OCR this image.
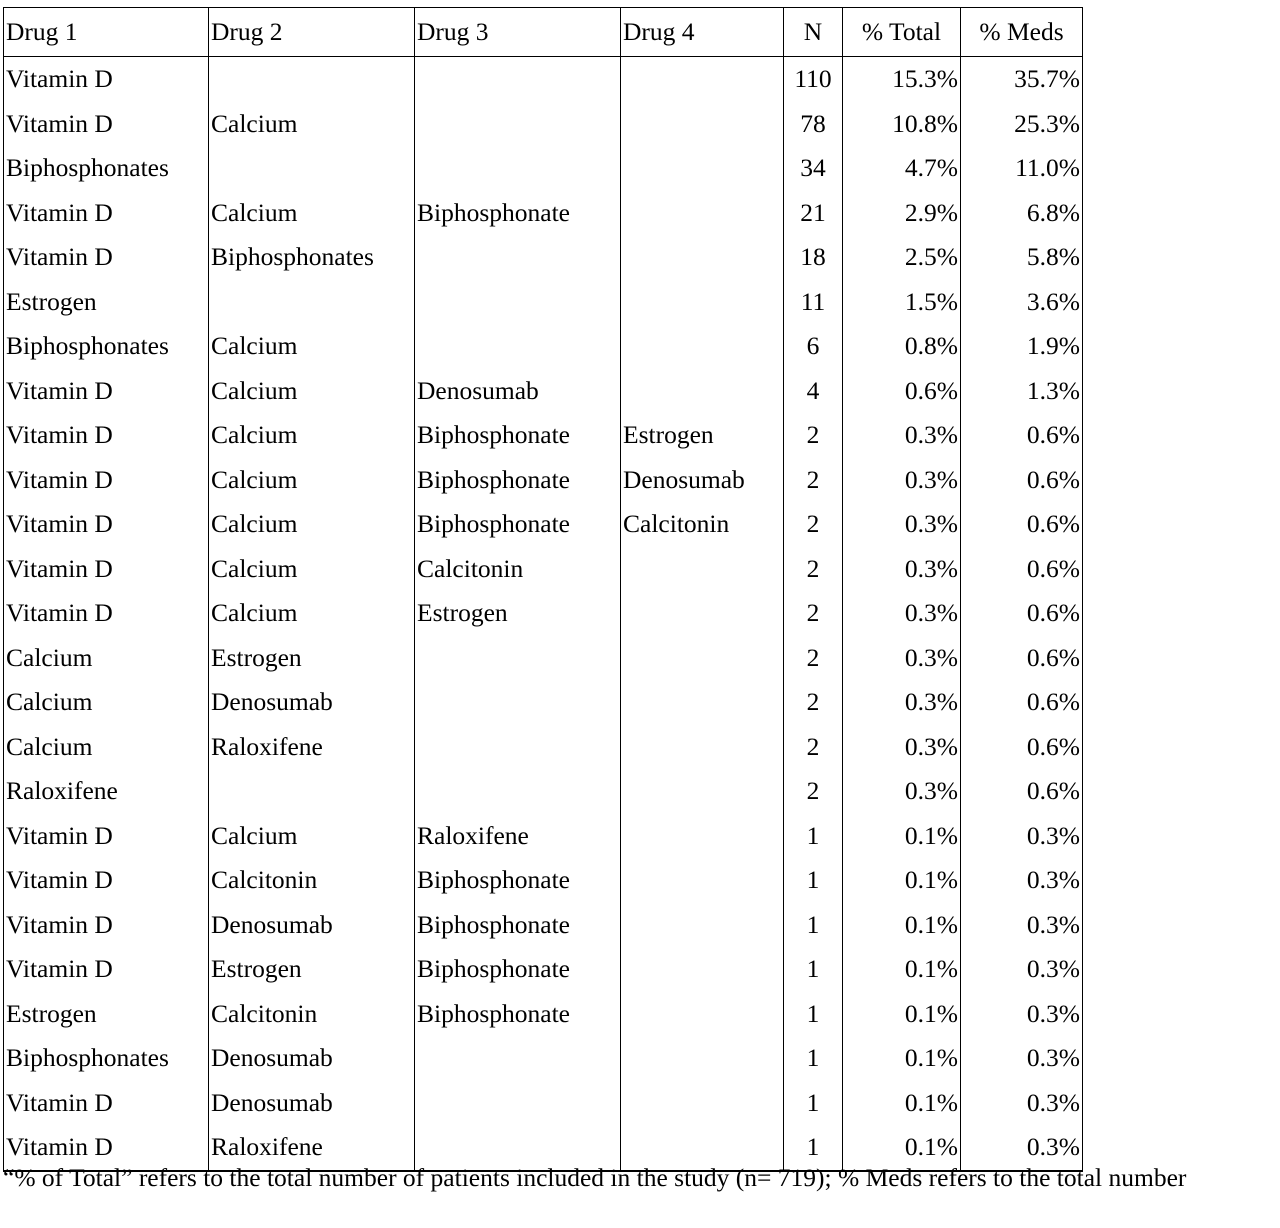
Drug 1	Drug 2	Drug 3	Drug 4	N	% Total	% Meds
Vitamin D				110	15.3%	35.7%
Vitamin D	Calcium			78	10.8%	25.3%
Biphosphonates				34	4.7%	11.0%
Vitamin D	Calcium	Biphosphonate		21	2.9%	6.8%
Vitamin D	Biphosphonates			18	2.5%	5.8%
Estrogen				11	1.5%	3.6%
Biphosphonates	Calcium			6	0.8%	1.9%
Vitamin D	Calcium	Denosumab		4	0.6%	1.3%
Vitamin D	Calcium	Biphosphonate	Estrogen	2	0.3%	0.6%
Vitamin D	Calcium	Biphosphonate	Denosumab	2	0.3%	0.6%
Vitamin D	Calcium	Biphosphonate	Calcitonin	2	0.3%	0.6%
Vitamin D	Calcium	Calcitonin		2	0.3%	0.6%
Vitamin D	Calcium	Estrogen		2	0.3%	0.6%
Calcium	Estrogen			2	0.3%	0.6%
Calcium	Denosumab			2	0.3%	0.6%
Calcium	Raloxifene			2	0.3%	0.6%
Raloxifene				2	0.3%	0.6%
Vitamin D	Calcium	Raloxifene		1	0.1%	0.3%
Vitamin D	Calcitonin	Biphosphonate		1	0.1%	0.3%
Vitamin D	Denosumab	Biphosphonate		1	0.1%	0.3%
Vitamin D	Estrogen	Biphosphonate		1	0.1%	0.3%
Estrogen	Calcitonin	Biphosphonate		1	0.1%	0.3%
Biphosphonates	Denosumab			1	0.1%	0.3%
Vitamin D	Denosumab			1	0.1%	0.3%
Vitamin D	Raloxifene			1	0.1%	0.3%

“% of Total” refers to the total number of patients included in the study (n= 719); % Meds refers to the total number
